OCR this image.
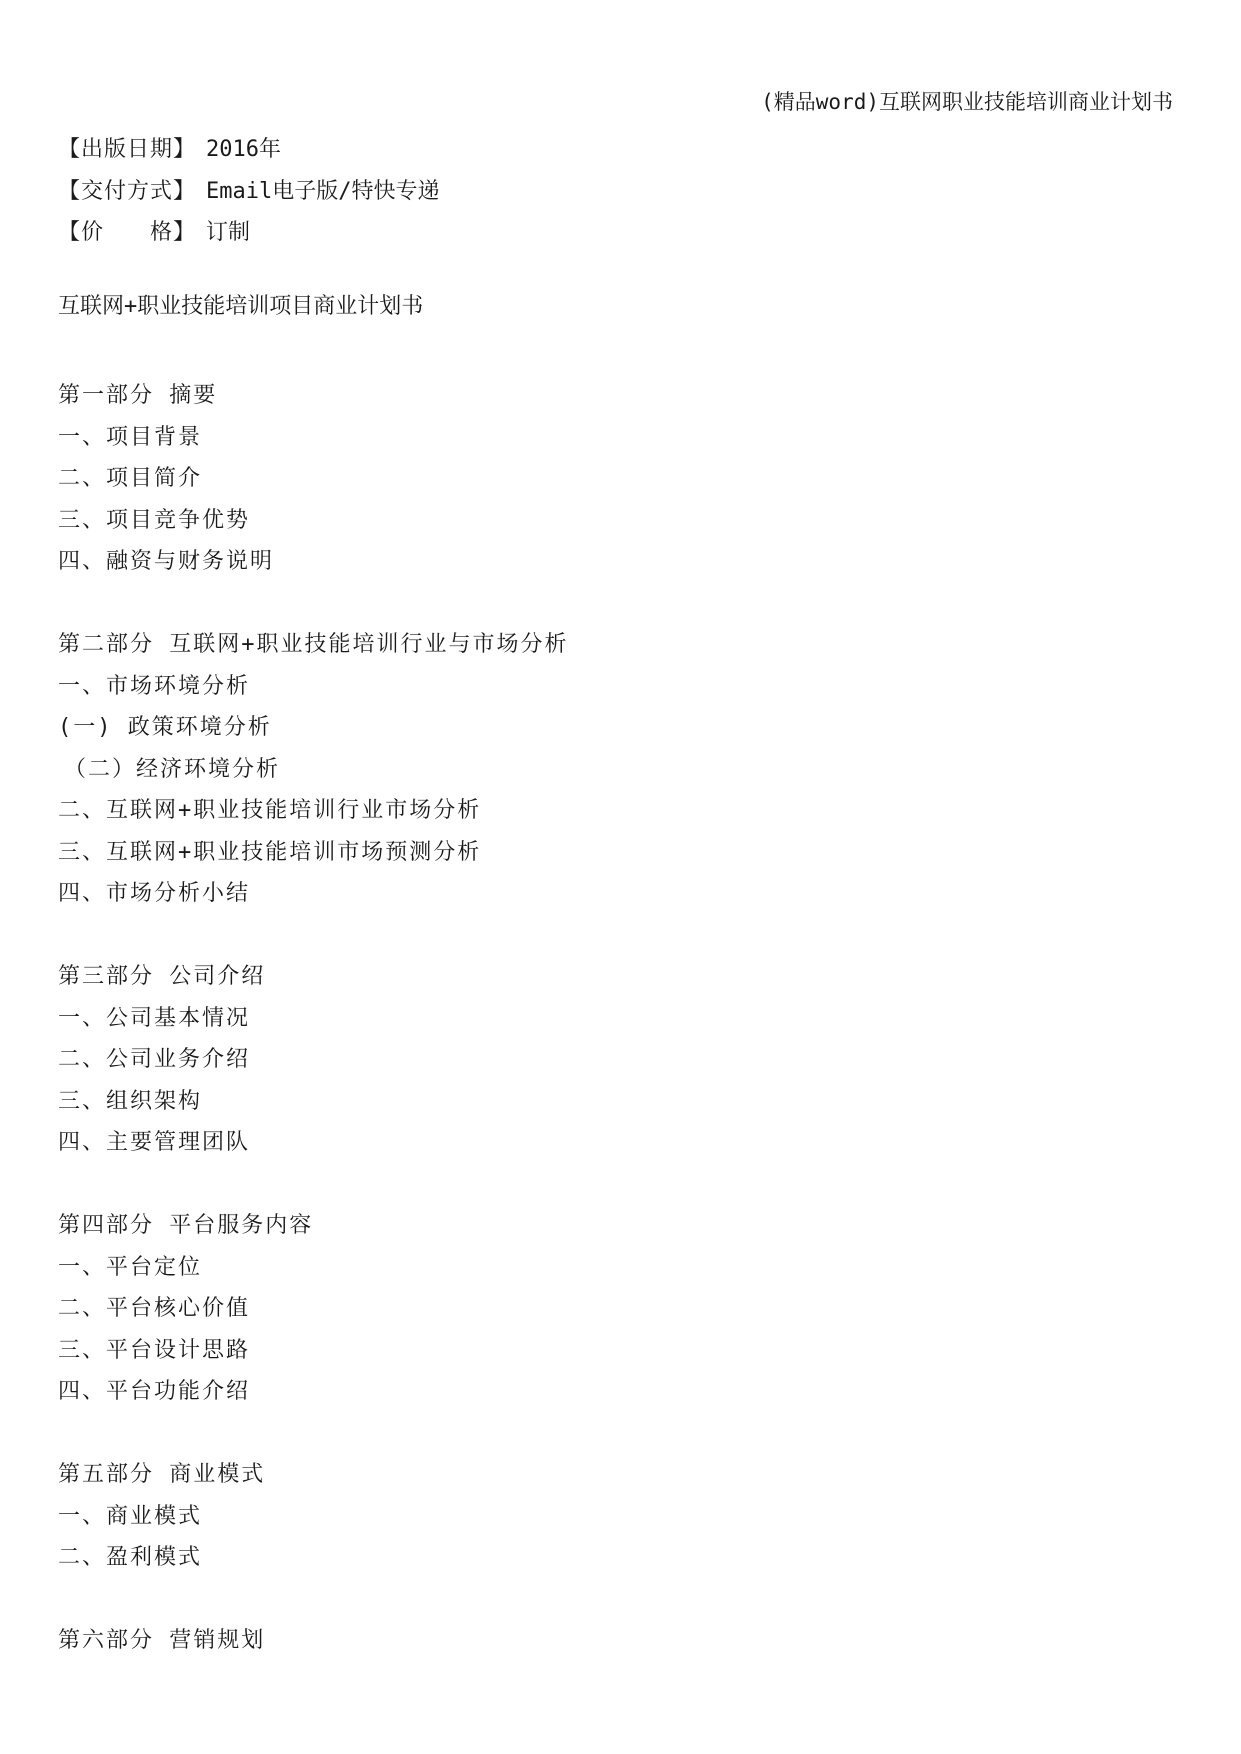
(精品word)互联网职业技能培训商业计划书
【出版日期】 2016年
【交付方式】 Email电子版/特快专递
【价　　格】 订制
互联网+职业技能培训项目商业计划书
第一部分 摘要
一、项目背景
二、项目简介
三、项目竞争优势
四、融资与财务说明
第二部分 互联网+职业技能培训行业与市场分析
一、市场环境分析
(一) 政策环境分析
（二）经济环境分析
二、互联网+职业技能培训行业市场分析
三、互联网+职业技能培训市场预测分析
四、市场分析小结
第三部分 公司介绍
一、公司基本情况
二、公司业务介绍
三、组织架构
四、主要管理团队
第四部分 平台服务内容
一、平台定位
二、平台核心价值
三、平台设计思路
四、平台功能介绍
第五部分 商业模式
一、商业模式
二、盈利模式
第六部分 营销规划
